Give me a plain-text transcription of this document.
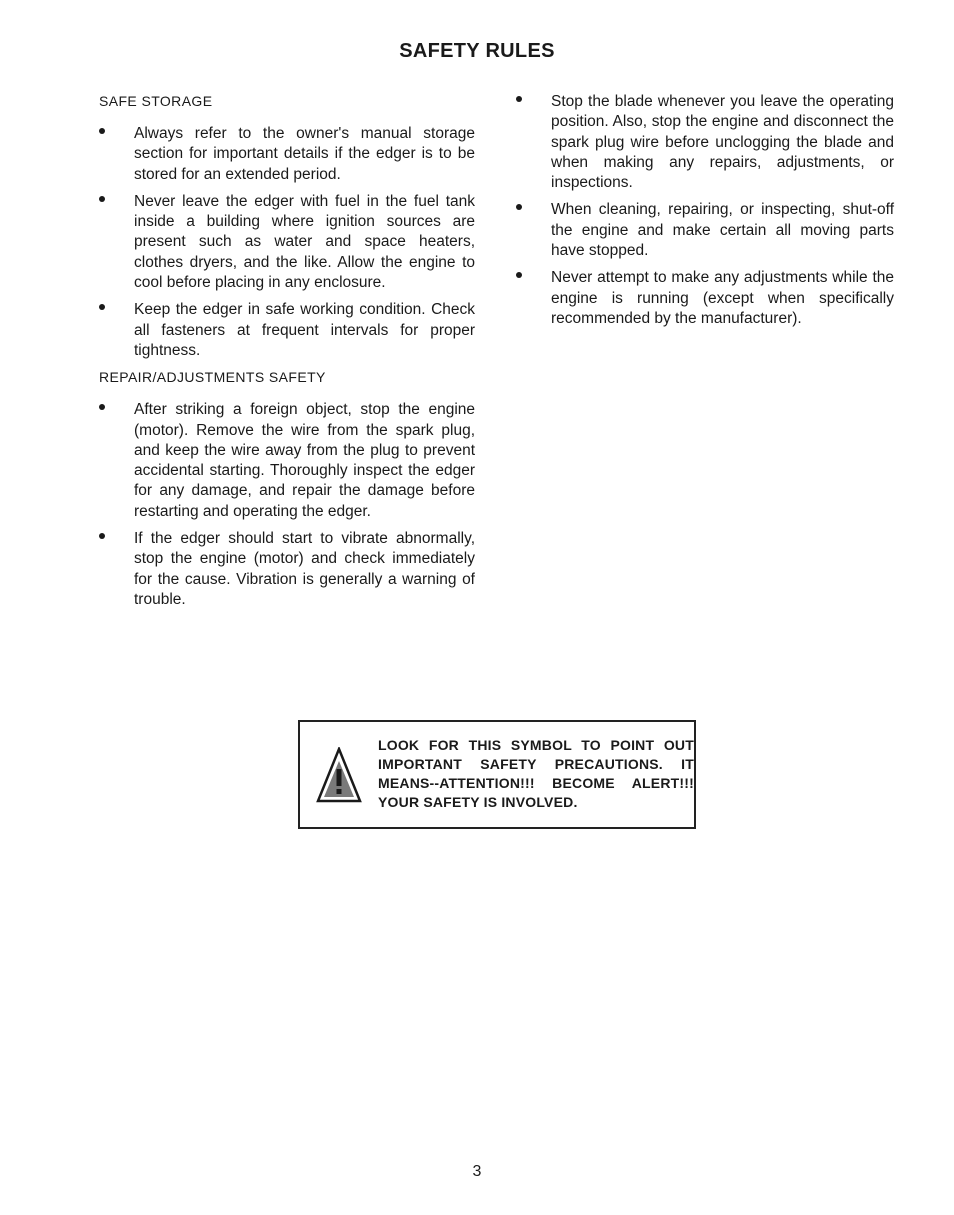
SAFETY RULES
SAFE STORAGE
Always refer to the owner's manual storage section for important details if the edger is to be stored for an extended period.
Never leave the edger with fuel in the fuel tank inside a building where ignition sources are present such as water and space heaters, clothes dryers, and the like. Allow the engine to cool before placing in any enclosure.
Keep the edger in safe working condition. Check all fasteners at frequent intervals for proper tightness.
REPAIR/ADJUSTMENTS SAFETY
After striking a foreign object, stop the engine (motor). Remove the wire from the spark plug, and keep the wire away from the plug to prevent accidental starting. Thoroughly inspect the edger for any damage, and repair the damage before restarting and operating the edger.
If the edger should start to vibrate abnormally, stop the engine (motor) and check immediately for the cause. Vibration is generally a warning of trouble.
Stop the blade whenever you leave the operating position. Also, stop the engine and disconnect the spark plug wire before unclogging the blade and when making any repairs, adjustments, or inspections.
When cleaning, repairing, or inspecting, shut-off the engine and make certain all moving parts have stopped.
Never attempt to make any adjustments while the engine is running (except when specifically recommended by the manufacturer).
LOOK FOR THIS SYMBOL TO POINT OUT IMPORTANT SAFETY PRECAUTIONS. IT MEANS--ATTENTION!!! BECOME ALERT!!! YOUR SAFETY IS INVOLVED.
3
